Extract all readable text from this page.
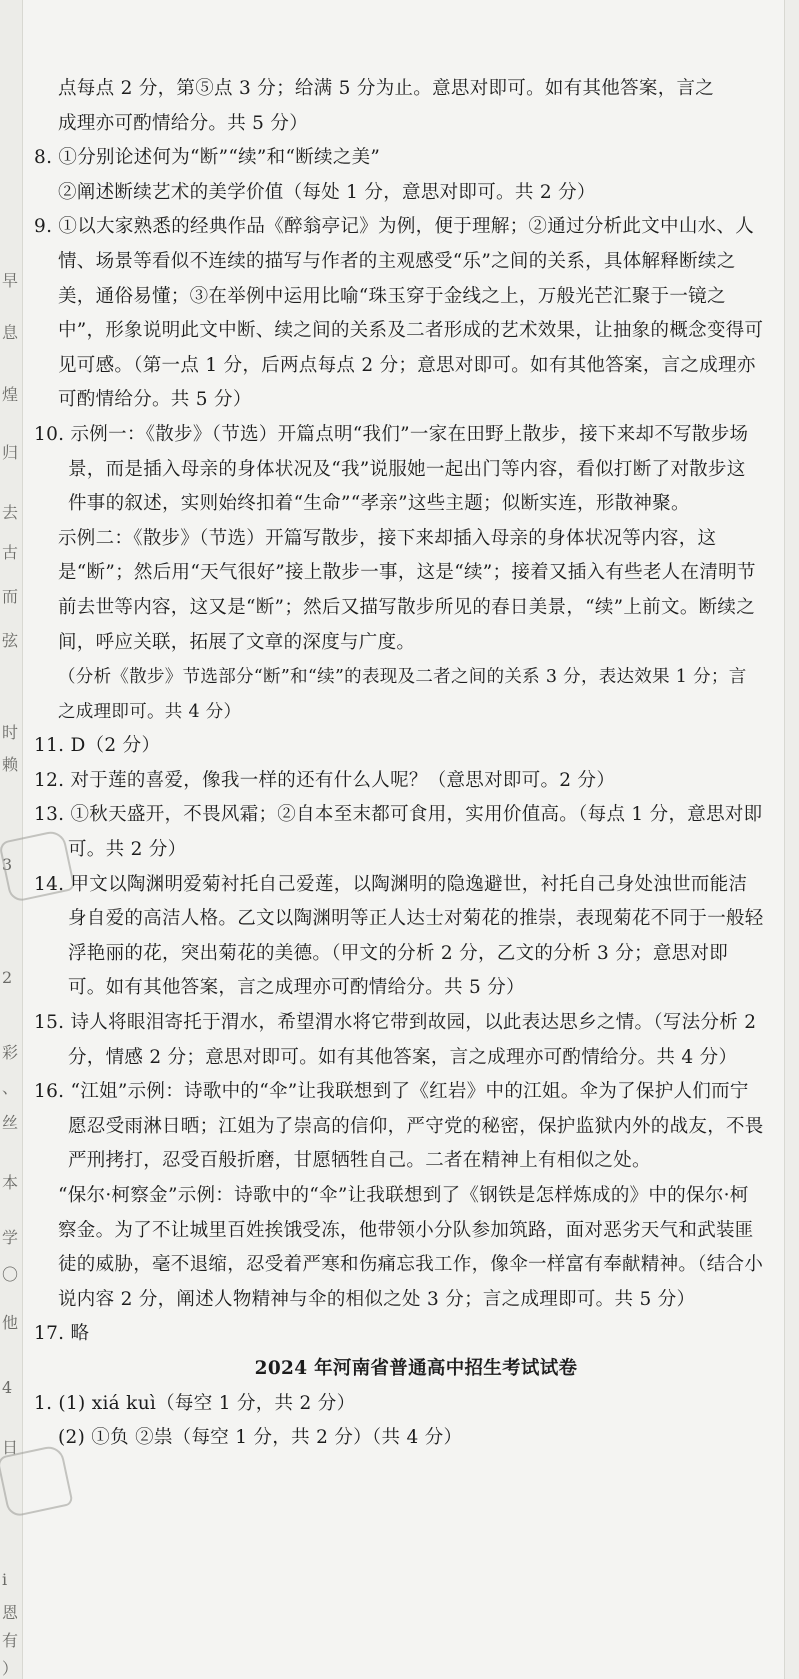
早
息
煌
归
去
古
而
弦
时
赖
3
2
彩
、
丝
本
学
〇
他
4
日
i
恩
有
）

点每点 2 分，第⑤点 3 分；给满 5 分为止。意思对即可。如有其他答案，言之

成理亦可酌情给分。共 5 分）

8. ①分别论述何为“断”“续”和“断续之美”

②阐述断续艺术的美学价值（每处 1 分，意思对即可。共 2 分）

9. ①以大家熟悉的经典作品《醉翁亭记》为例，便于理解；②通过分析此文中山水、人情、场景等看似不连续的描写与作者的主观感受“乐”之间的关系，具体解释断续之美，通俗易懂；③在举例中运用比喻“珠玉穿于金线之上，万般光芒汇聚于一镜之中”，形象说明此文中断、续之间的关系及二者形成的艺术效果，让抽象的概念变得可见可感。（第一点 1 分，后两点每点 2 分；意思对即可。如有其他答案，言之成理亦可酌情给分。共 5 分）

10. 示例一：《散步》（节选）开篇点明“我们”一家在田野上散步，接下来却不写散步场景，而是插入母亲的身体状况及“我”说服她一起出门等内容，看似打断了对散步这件事的叙述，实则始终扣着“生命”“孝亲”这些主题；似断实连，形散神聚。

示例二：《散步》（节选）开篇写散步，接下来却插入母亲的身体状况等内容，这是“断”；然后用“天气很好”接上散步一事，这是“续”；接着又插入有些老人在清明节前去世等内容，这又是“断”；然后又描写散步所见的春日美景，“续”上前文。断续之间，呼应关联，拓展了文章的深度与广度。

（分析《散步》节选部分“断”和“续”的表现及二者之间的关系 3 分，表达效果 1 分；言之成理即可。共 4 分）

11. D（2 分）

12. 对于莲的喜爱，像我一样的还有什么人呢？（意思对即可。2 分）

13. ①秋天盛开，不畏风霜；②自本至末都可食用，实用价值高。（每点 1 分，意思对即可。共 2 分）

14. 甲文以陶渊明爱菊衬托自己爱莲，以陶渊明的隐逸避世，衬托自己身处浊世而能洁身自爱的高洁人格。乙文以陶渊明等正人达士对菊花的推崇，表现菊花不同于一般轻浮艳丽的花，突出菊花的美德。（甲文的分析 2 分，乙文的分析 3 分；意思对即可。如有其他答案，言之成理亦可酌情给分。共 5 分）

15. 诗人将眼泪寄托于渭水，希望渭水将它带到故园，以此表达思乡之情。（写法分析 2 分，情感 2 分；意思对即可。如有其他答案，言之成理亦可酌情给分。共 4 分）

16. “江姐”示例：诗歌中的“伞”让我联想到了《红岩》中的江姐。伞为了保护人们而宁愿忍受雨淋日晒；江姐为了崇高的信仰，严守党的秘密，保护监狱内外的战友，不畏严刑拷打，忍受百般折磨，甘愿牺牲自己。二者在精神上有相似之处。

“保尔·柯察金”示例：诗歌中的“伞”让我联想到了《钢铁是怎样炼成的》中的保尔·柯察金。为了不让城里百姓挨饿受冻，他带领小分队参加筑路，面对恶劣天气和武装匪徒的威胁，毫不退缩，忍受着严寒和伤痛忘我工作，像伞一样富有奉献精神。（结合小说内容 2 分，阐述人物精神与伞的相似之处 3 分；言之成理即可。共 5 分）

17. 略

2024 年河南省普通高中招生考试试卷

1. (1) xiá kuì（每空 1 分，共 2 分）

(2) ①负 ②祟（每空 1 分，共 2 分）（共 4 分）
